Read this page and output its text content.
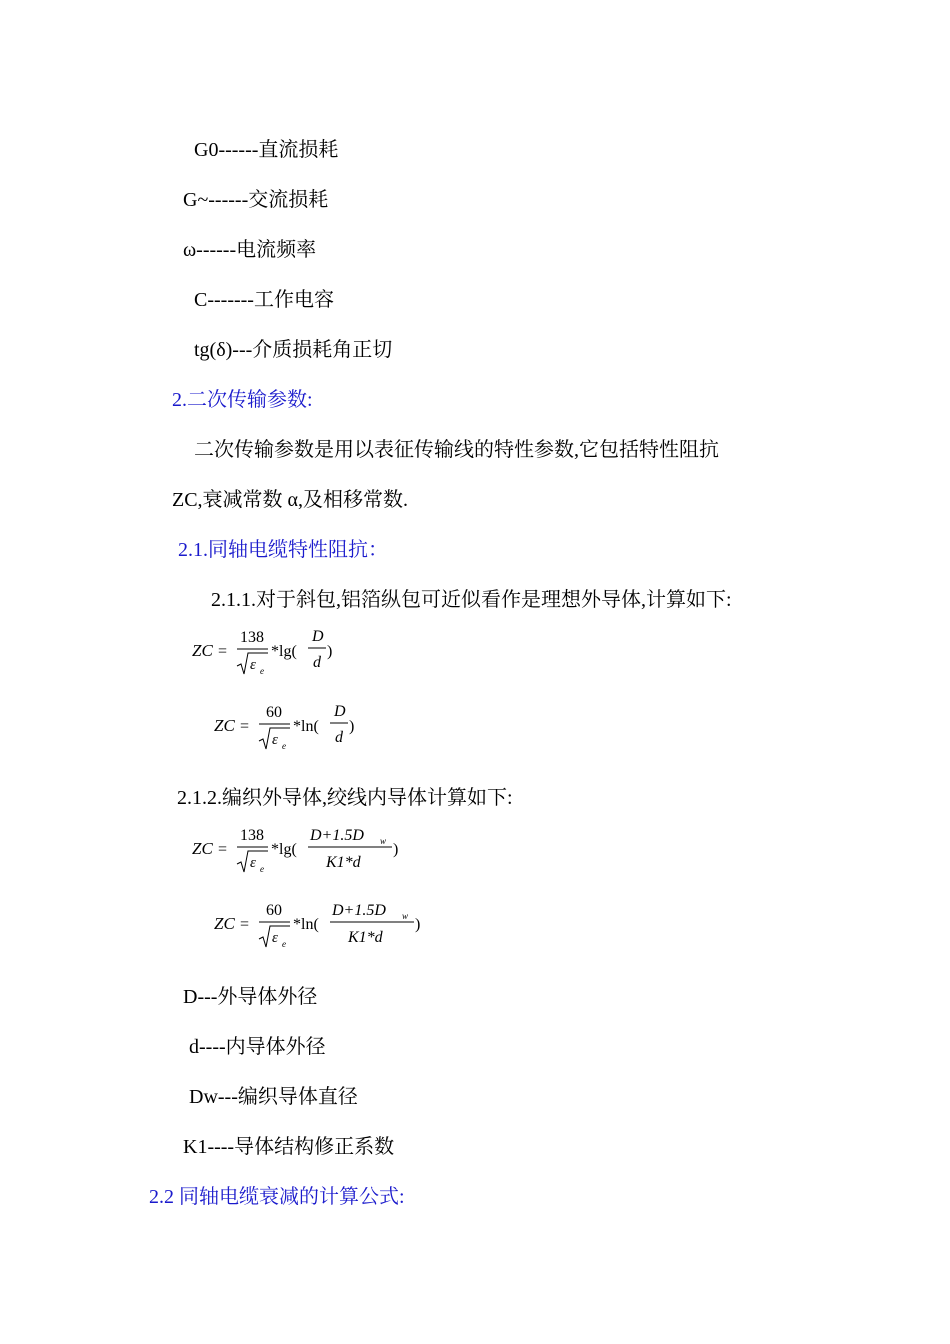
G0------直流损耗
G~------交流损耗
ω------电流频率
C-------工作电容
tg(δ)---介质损耗角正切
2.二次传输参数:
二次传输参数是用以表征传输线的特性参数,它包括特性阻抗
ZC,衰减常数 α,及相移常数.
2.1.同轴电缆特性阻抗：
2.1.1.对于斜包,铝箔纵包可近似看作是理想外导体,计算如下:
ZC =
138
ε e
*lg(
D
d
)
ZC =
60
ε e
*ln(
D
d
)
2.1.2.编织外导体,绞线内导体计算如下:
ZC =
138
ε e
*lg(
D+1.5D w
K1*d
)
ZC =
60
ε e
*ln(
D+1.5D w
K1*d
)
D---外导体外径
d----内导体外径
Dw---编织导体直径
K1----导体结构修正系数
2.2 同轴电缆衰减的计算公式:
